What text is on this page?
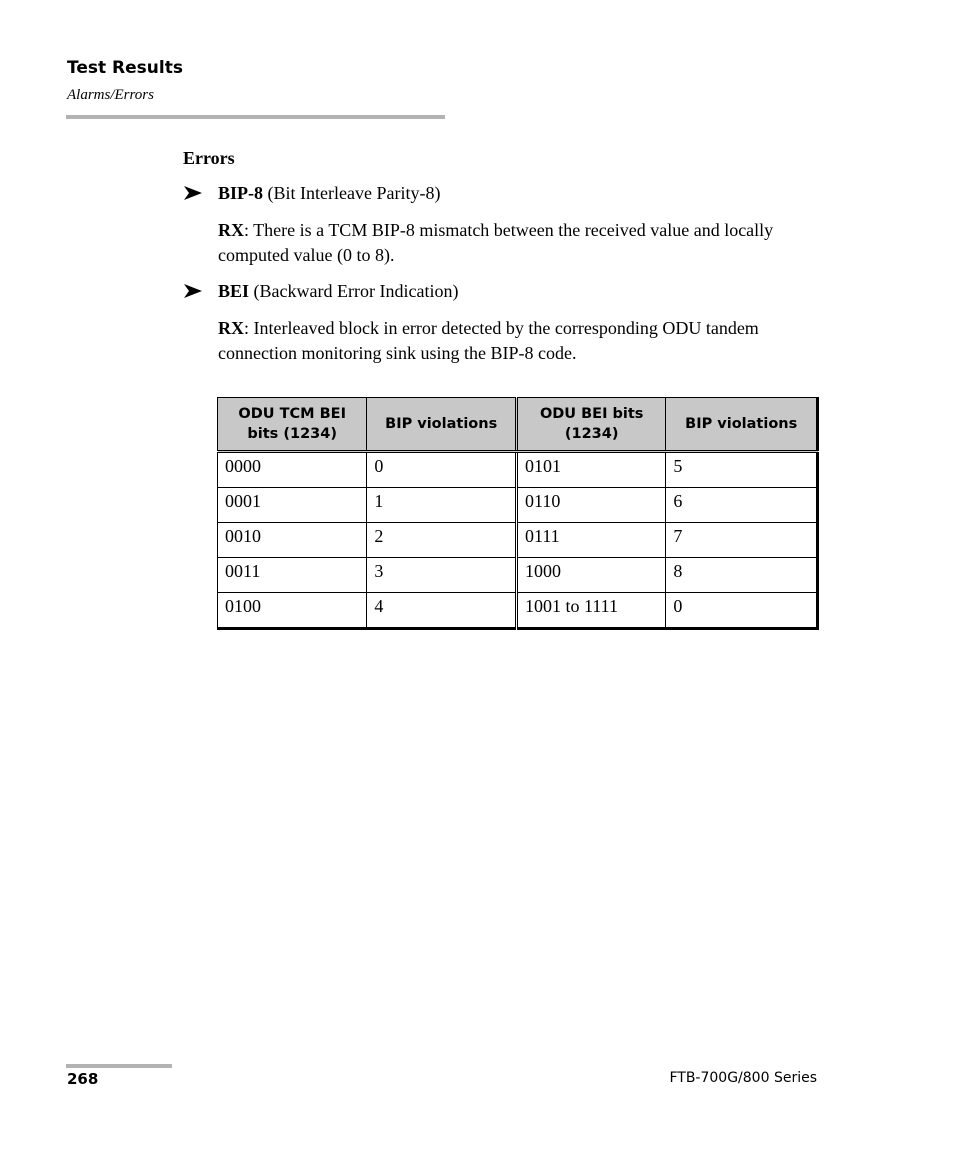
Test Results
Alarms/Errors
Errors
BIP-8 (Bit Interleave Parity-8)
RX: There is a TCM BIP-8 mismatch between the received value and locally computed value (0 to 8).
BEI (Backward Error Indication)
RX: Interleaved block in error detected by the corresponding ODU tandem connection monitoring sink using the BIP-8 code.
ODU TCM BEI bits (1234)	BIP violations	ODU BEI bits (1234)	BIP violations
0000	0	0101	5
0001	1	0110	6
0010	2	0111	7
0011	3	1000	8
0100	4	1001 to 1111	0
268	FTB-700G/800 Series
